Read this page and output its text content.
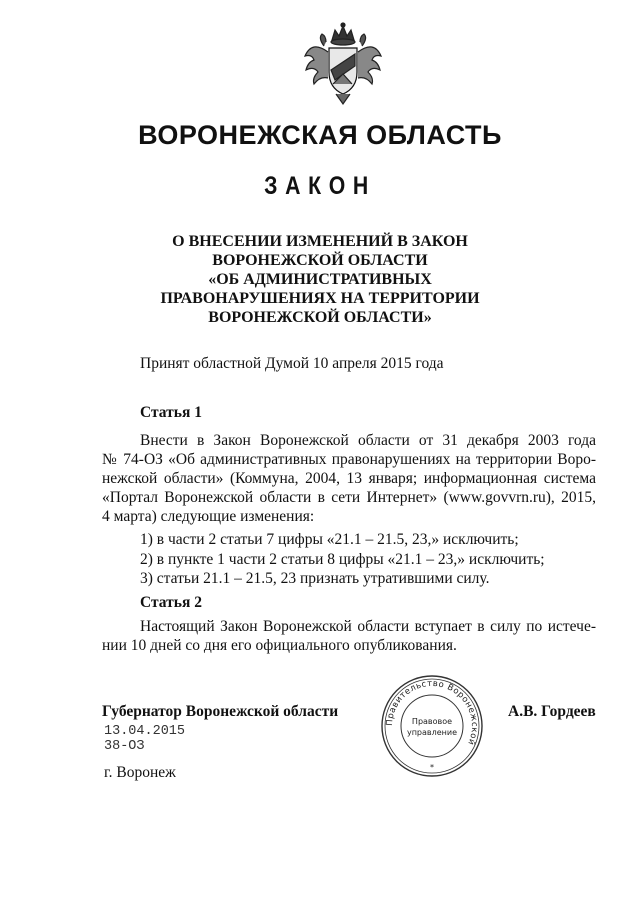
ВОРОНЕЖСКАЯ ОБЛАСТЬ
ЗАКОН
О ВНЕСЕНИИ ИЗМЕНЕНИЙ В ЗАКОН
ВОРОНЕЖСКОЙ ОБЛАСТИ
«ОБ АДМИНИСТРАТИВНЫХ
ПРАВОНАРУШЕНИЯХ НА ТЕРРИТОРИИ
ВОРОНЕЖСКОЙ ОБЛАСТИ»
Принят областной Думой 10 апреля 2015 года
Статья 1
Внести в Закон Воронежской области от 31 декабря 2003 года
№ 74-ОЗ «Об административных правонарушениях на территории Воро-
нежской области» (Коммуна, 2004, 13 января; информационная система
«Портал Воронежской области в сети Интернет» (www.govvrn.ru), 2015,
4 марта) следующие изменения:
1) в части 2 статьи 7 цифры «21.1 – 21.5, 23,» исключить;
2) в пункте 1 части 2 статьи 8 цифры «21.1 – 23,» исключить;
3) статьи 21.1 – 21.5, 23 признать утратившими силу.
Статья 2
Настоящий Закон Воронежской области вступает в силу по истече-
нии 10 дней со дня его официального опубликования.
Губернатор Воронежской области	А.В. Гордеев
13.04.2015
38-ОЗ
г. Воронеж
Правительство Воронежской
Правовое
управление
*
